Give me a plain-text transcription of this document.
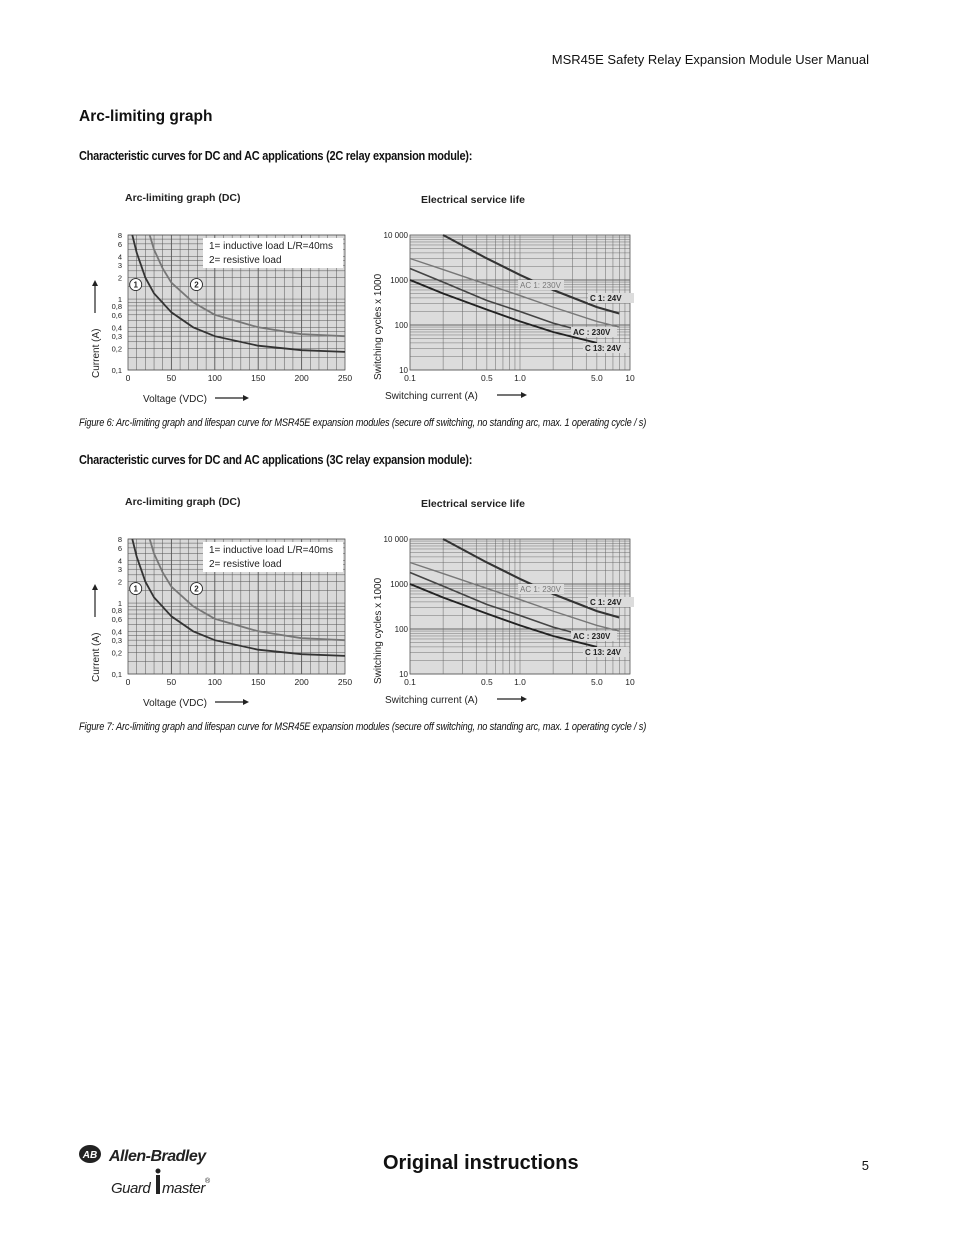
MSR45E Safety Relay Expansion Module User Manual
Arc-limiting graph
Characteristic curves for DC and AC applications (2C relay expansion module):
Arc-limiting graph (DC)
0	50	100	150	200	250
0,1
0,2
0,3
0,4
0,6
0,8
1
2
3
4
6
8
1	2
1= inductive load L/R=40ms
2= resistive load
Voltage (VDC)
Current (A)
Electrical service life
0.1	0.5	1.0	5.0	10
10
100
1000
10 000
C 1: 24V
AC 1: 230V
AC : 230V
C 13: 24V
Switching current (A)
Switching cycles x 1000
Figure 6: Arc-limiting graph and lifespan curve for MSR45E expansion modules (secure off switching, no standing arc, max. 1 operating cycle / s)
Characteristic curves for DC and AC applications (3C relay expansion module):
Arc-limiting graph (DC)
0	50	100	150	200	250
0,1
0,2
0,3
0,4
0,6
0,8
1
2
3
4
6
8
1	2
1= inductive load L/R=40ms
2= resistive load
Voltage (VDC)
Current (A)
Electrical service life
0.1	0.5	1.0	5.0	10
10
100
1000
10 000
C 1: 24V
AC 1: 230V
AC : 230V
C 13: 24V
Switching current (A)
Switching cycles x 1000
Figure 7: Arc-limiting graph and lifespan curve for MSR45E expansion modules (secure off switching, no standing arc, max. 1 operating cycle / s)
AB Allen-Bradley
Guard master ®
Original instructions	5
